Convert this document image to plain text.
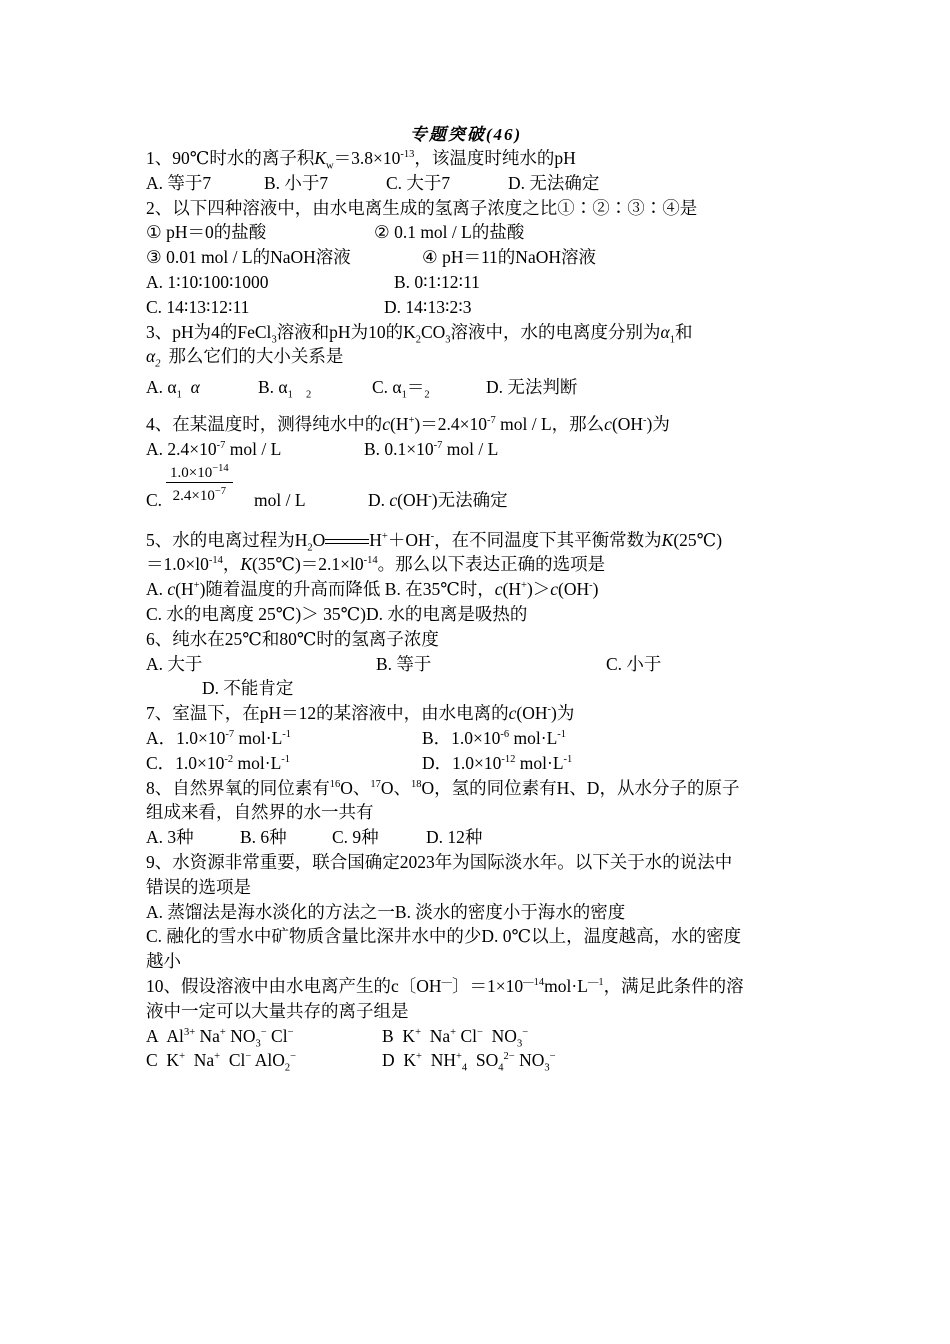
专题突破(46)
1、90℃时水的离子积$K_w=3.8\times 10^{-13}$，该温度时纯水的pH
A. 等于7	B. 小于7	C. 大于7	D. 无法确定
2、以下四种溶液中，由水电离生成的氢离子浓度之比①∶②∶③∶④是
① pH＝0的盐酸	② 0.1 mol / L的盐酸
③ 0.01 mol / L的NaOH溶液	④ pH＝11的NaOH溶液
A. 1∶10∶100∶1000	B. 0∶1∶12∶11
C. 14∶13∶12∶11	D. 14∶13∶2∶3
3、pH为4的FeCl$_3$溶液和pH为10的$K_2CO_3$溶液中，水的电离度分别为$\alpha_1$和
$\alpha_2$ 那么它们的大小关系是
A. $\alpha_1$ α	B. $\alpha_1$ $_2$	C. $\alpha_1=_2$	D. 无法判断
4、在某温度时，测得纯水中的$c(H^+)=2.4\times 10^{-7}$ mol / L，那么c(OH-)为
A. $2.4\times 10^{-7}$ mol / L	B. $0.1\times 10^{-7}$ mol / L
C. $\frac{1.0\times 10^{-14}}{2.4\times 10^{-7}}$ mol / L	D. c(OH-)无法确定
5、水的电离过程为$H_2O$	H+＋OH-，在不同温度下其平衡常数为K(25℃)
$=1.0\times l0^{-14}$，$K(35℃)=2.1\times l0^{-14}$。那么以下表达正确的选项是
A. c(H+)随着温度的升高而降低 B. 在35℃时，c(H+)＞c(OH-)
C. 水的电离度 25℃)＞ 35℃)D. 水的电离是吸热的
6、纯水在25℃和80℃时的氢离子浓度
A. 大于	B. 等于	C. 小于
D. 不能肯定
7、室温下，在pH＝12的某溶液中，由水电离的c(OH-)为
A．$1.0\times 10^{-7}$ $mol\cdot L^{-1}$	B．$1.0\times 10^{-6}$ $mol\cdot L^{-1}$
C．$1.0\times 10^{-2}$ $mol\cdot L^{-1}$	D．$1.0\times 10^{-12}$ $mol\cdot L^{-1}$
8、自然界氧的同位素有$^{16}$O、$^{17}$O、$^{18}$O，氢的同位素有H、D，从水分子的原子
组成来看，自然界的水一共有
A. 3种	B. 6种	C. 9种	D. 12种
9、水资源非常重要，联合国确定2023年为国际淡水年。以下关于水的说法中
错误的选项是
A. 蒸馏法是海水淡化的方法之一B. 淡水的密度小于海水的密度
C. 融化的雪水中矿物质含量比深井水中的少D. 0℃以上，温度越高，水的密度
越小
10、假设溶液中由水电离产生的c〔OH—〕$=1\times 10^{—14}mol\cdot L^{—1}$，满足此条件的溶
液中一定可以大量共存的离子组是
A  $Al^{3+}$ Na+ $NO_3^-$ Cl−	B  K+  Na+ Cl−  $NO_3^-$
C  K+  Na+  Cl− AlO$_2$−	D  K+  $NH^+_4$  $SO_4^{2-}$ $NO_3^-$
